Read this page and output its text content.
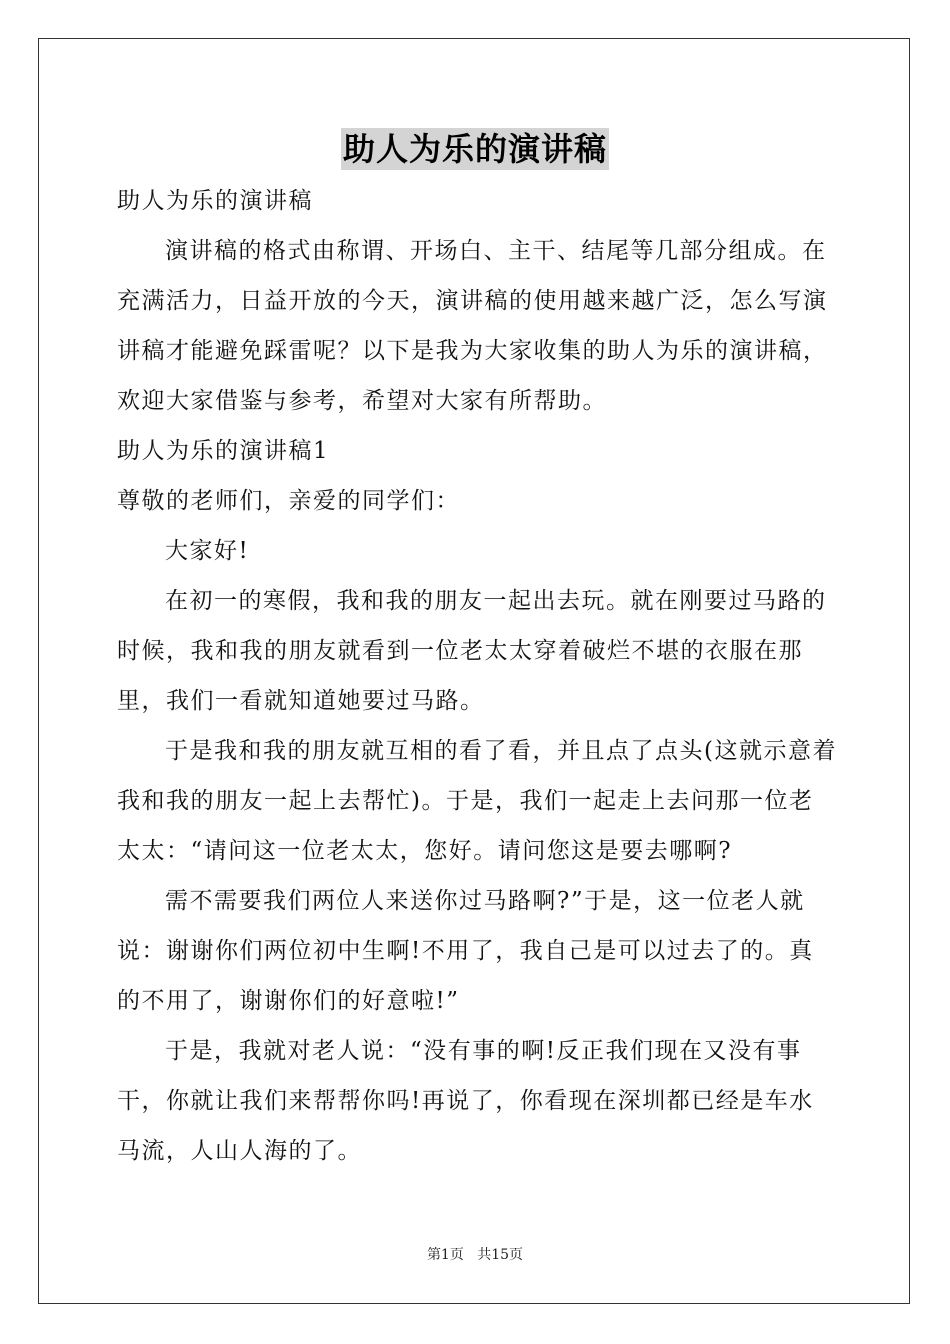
助人为乐的演讲稿

助人为乐的演讲稿

演讲稿的格式由称谓、开场白、主干、结尾等几部分组成。在充满活力，日益开放的今天，演讲稿的使用越来越广泛，怎么写演讲稿才能避免踩雷呢？以下是我为大家收集的助人为乐的演讲稿，欢迎大家借鉴与参考，希望对大家有所帮助。

助人为乐的演讲稿1

尊敬的老师们，亲爱的同学们：

大家好!

在初一的寒假，我和我的朋友一起出去玩。就在刚要过马路的时候，我和我的朋友就看到一位老太太穿着破烂不堪的衣服在那里，我们一看就知道她要过马路。

于是我和我的朋友就互相的看了看，并且点了点头(这就示意着我和我的朋友一起上去帮忙)。于是，我们一起走上去问那一位老太太：“请问这一位老太太，您好。请问您这是要去哪啊?

需不需要我们两位人来送你过马路啊?”于是，这一位老人就说：谢谢你们两位初中生啊!不用了，我自己是可以过去了的。真的不用了，谢谢你们的好意啦!”

于是，我就对老人说：“没有事的啊!反正我们现在又没有事干，你就让我们来帮帮你吗!再说了，你看现在深圳都已经是车水马流，人山人海的了。

第1页 共15页
